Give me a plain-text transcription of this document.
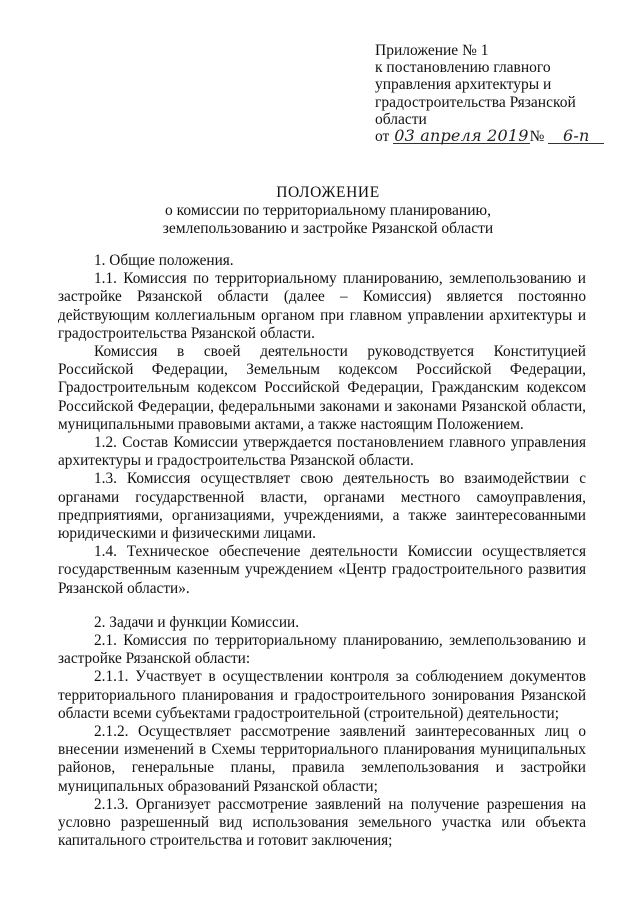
Приложение № 1
к постановлению главного
управления архитектуры и
градостроительства Рязанской
области
от 03 апреля 2019№ 6-п
ПОЛОЖЕНИЕ
о комиссии по территориальному планированию,
землепользованию и застройке Рязанской области

1. Общие положения.

1.1. Комиссия по территориальному планированию, землепользованию и застройке Рязанской области (далее – Комиссия) является постоянно действующим коллегиальным органом при главном управлении архитектуры и градостроительства Рязанской области.

Комиссия в своей деятельности руководствуется Конституцией Российской Федерации, Земельным кодексом Российской Федерации, Градостроительным кодексом Российской Федерации, Гражданским кодексом Российской Федерации, федеральными законами и законами Рязанской области, муниципальными правовыми актами, а также настоящим Положением.

1.2. Состав Комиссии утверждается постановлением главного управления архитектуры и градостроительства Рязанской области.

1.3. Комиссия осуществляет свою деятельность во взаимодействии с органами государственной власти, органами местного самоуправления, предприятиями, организациями, учреждениями, а также заинтересованными юридическими и физическими лицами.

1.4. Техническое обеспечение деятельности Комиссии осуществляется государственным казенным учреждением «Центр градостроительного развития Рязанской области».

2. Задачи и функции Комиссии.

2.1. Комиссия по территориальному планированию, землепользованию и застройке Рязанской области:

2.1.1. Участвует в осуществлении контроля за соблюдением документов территориального планирования и градостроительного зонирования Рязанской области всеми субъектами градостроительной (строительной) деятельности;

2.1.2. Осуществляет рассмотрение заявлений заинтересованных лиц о внесении изменений в Схемы территориального планирования муниципальных районов, генеральные планы, правила землепользования и застройки муниципальных образований Рязанской области;

2.1.3. Организует рассмотрение заявлений на получение разрешения на условно разрешенный вид использования земельного участка или объекта капитального строительства и готовит заключения;
